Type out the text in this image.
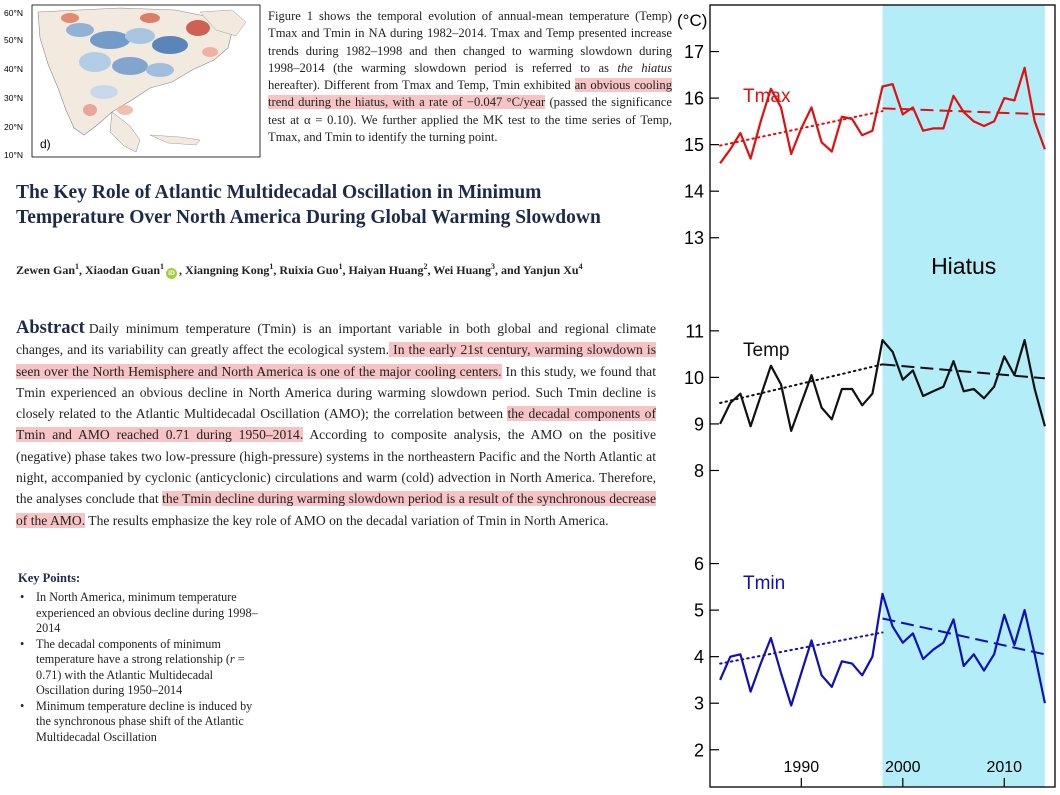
60°N
50°N
40°N
30°N
20°N
10°N
d)
Figure 1 shows the temporal evolution of annual-mean temperature (Temp) Tmax and Tmin in NA during 1982–2014. Tmax and Temp presented increase trends during 1982–1998 and then changed to warming slowdown during 1998–2014 (the warming slowdown period is referred to as the hiatus hereafter). Different from Tmax and Temp, Tmin exhibited an obvious cooling trend during the hiatus, with a rate of −0.047 °C/year (passed the significance test at α = 0.10). We further applied the MK test to the time series of Temp, Tmax, and Tmin to identify the turning point.
The Key Role of Atlantic Multidecadal Oscillation in Minimum Temperature Over North America During Global Warming Slowdown
Zewen Gan$^1$, Xiaodan Guan$^1$iD , Xiangning Kong$^1$, Ruixia Guo$^1$, Haiyan Huang$^2$, Wei Huang$^3$, and Yanjun Xu$^4$
Abstract Daily minimum temperature (Tmin) is an important variable in both global and regional climate changes, and its variability can greatly affect the ecological system. In the early 21st century, warming slowdown is seen over the North Hemisphere and North America is one of the major cooling centers. In this study, we found that Tmin experienced an obvious decline in North America during warming slowdown period. Such Tmin decline is closely related to the Atlantic Multidecadal Oscillation (AMO); the correlation between the decadal components of Tmin and AMO reached 0.71 during 1950–2014. According to composite analysis, the AMO on the positive (negative) phase takes two low‐pressure (high‐pressure) systems in the northeastern Pacific and the North Atlantic at night, accompanied by cyclonic (anticyclonic) circulations and warm (cold) advection in North America. Therefore, the analyses conclude that the Tmin decline during warming slowdown period is a result of the synchronous decrease of the AMO. The results emphasize the key role of AMO on the decadal variation of Tmin in North America.
Key Points:
• In North America, minimum temperature experienced an obvious decline during 1998–2014
• The decadal components of minimum temperature have a strong relationship (r = 0.71) with the Atlantic Multidecadal Oscillation during 1950–2014
• Minimum temperature decline is induced by the synchronous phase shift of the Atlantic Multidecadal Oscillation
2
3
4
5
6
8
9
10
11
13
14
15
16
17
1990	2000	2010
(°C)
Hiatus
Tmax
Temp
Tmin
